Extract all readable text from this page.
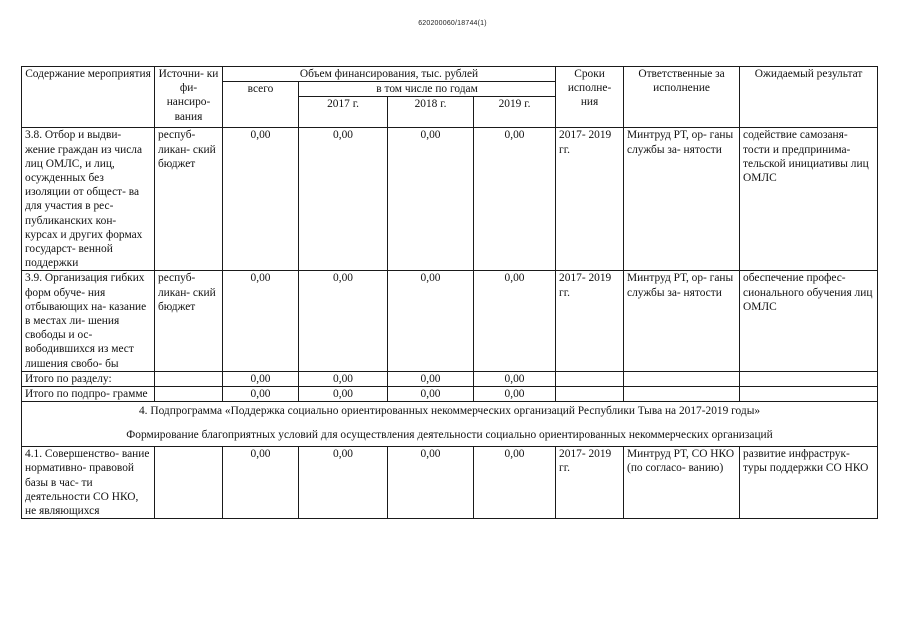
620200060/18744(1)
Содержание мероприятия	Источни- ки фи- нансиро- вания	Объем финансирования, тыс. рублей				Сроки исполне- ния	Ответственные за исполнение	Ожидаемый результат
		всего	в том числе по годам					
			2017 г.	2018 г.	2019 г.			
3.8. Отбор и выдви- жение граждан из числа лиц ОМЛС, и лиц, осужденных без изоляции от общест- ва для участия в рес- публиканских кон- курсах и других формах государст- венной поддержки	респуб- ликан- ский бюджет	0,00	0,00	0,00	0,00	2017- 2019 гг.	Минтруд РТ, ор- ганы службы за- нятости	содействие самозаня- тости и предпринима- тельской инициативы лиц ОМЛС
3.9. Организация гибких форм обуче- ния отбывающих на- казание в местах ли- шения свободы и ос- вободившихся из мест лишения свобо- бы	респуб- ликан- ский бюджет	0,00	0,00	0,00	0,00	2017- 2019 гг.	Минтруд РТ, ор- ганы службы за- нятости	обеспечение профес- сионального обучения лиц ОМЛС
Итого по разделу:		0,00	0,00	0,00	0,00			
Итого по подпро- грамме		0,00	0,00	0,00	0,00			

4. Подпрограмма «Поддержка социально ориентированных некоммерческих организаций Республики Тыва на 2017-2019 годы»
Формирование благоприятных условий для осуществления деятельности социально ориентированных некоммерческих организаций								

4.1. Совершенство- вание нормативно- правовой базы в час- ти деятельности СО НКО, не являющихся		0,00	0,00	0,00	0,00	2017- 2019 гг.	Минтруд РТ, СО НКО (по согласо- ванию)	развитие инфраструк- туры поддержки СО НКО
